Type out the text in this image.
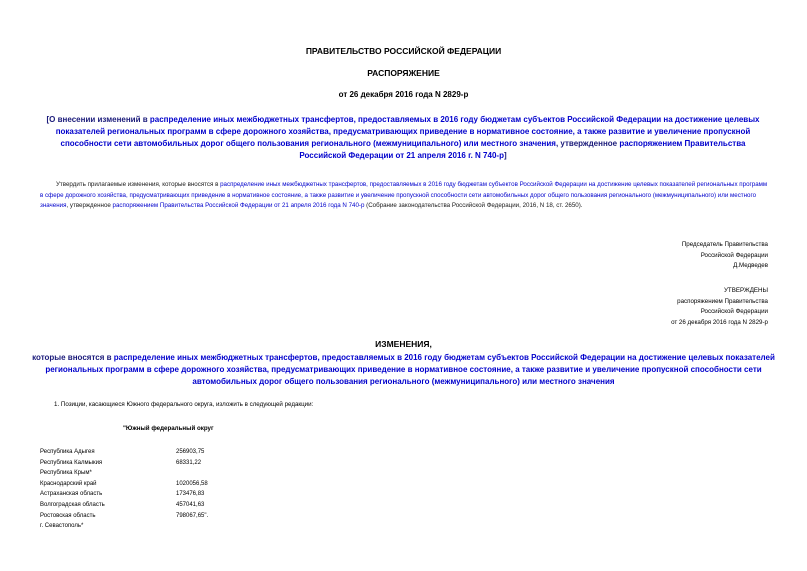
ПРАВИТЕЛЬСТВО РОССИЙСКОЙ ФЕДЕРАЦИИ
РАСПОРЯЖЕНИЕ
от 26 декабря 2016 года N 2829-р
[О внесении изменений в распределение иных межбюджетных трансфертов, предоставляемых в 2016 году бюджетам субъектов Российской Федерации на достижение целевых показателей региональных программ в сфере дорожного хозяйства, предусматривающих приведение в нормативное состояние, а также развитие и увеличение пропускной способности сети автомобильных дорог общего пользования регионального (межмуниципального) или местного значения, утвержденное распоряжением Правительства Российской Федерации от 21 апреля 2016 г. N 740-р]
Утвердить прилагаемые изменения, которые вносятся в распределение иных межбюджетных трансфертов, предоставляемых в 2016 году бюджетам субъектов Российской Федерации на достижение целевых показателей региональных программ в сфере дорожного хозяйства, предусматривающих приведение в нормативное состояние, а также развитие и увеличение пропускной способности сети автомобильных дорог общего пользования регионального (межмуниципального) или местного значения, утвержденное распоряжением Правительства Российской Федерации от 21 апреля 2016 года N 740-р (Собрание законодательства Российской Федерации, 2016, N 18, ст. 2650).
Председатель Правительства
Российской Федерации
Д.Медведев
УТВЕРЖДЕНЫ
распоряжением Правительства
Российской Федерации
от 26 декабря 2016 года N 2829-р
ИЗМЕНЕНИЯ,
которые вносятся в распределение иных межбюджетных трансфертов, предоставляемых в 2016 году бюджетам субъектов Российской Федерации на достижение целевых показателей региональных программ в сфере дорожного хозяйства, предусматривающих приведение в нормативное состояние, а также развитие и увеличение пропускной способности сети автомобильных дорог общего пользования регионального (межмуниципального) или местного значения
1. Позиции, касающиеся Южного федерального округа, изложить в следующей редакции:
"Южный федеральный округ
Республика Адыгея	256903,75
Республика Калмыкия	68331,22
Республика Крым*
Краснодарский край	1020056,58
Астраханская область	173476,83
Волгоградская область	457041,63
Ростовская область	798067,65".
г. Севастополь*
